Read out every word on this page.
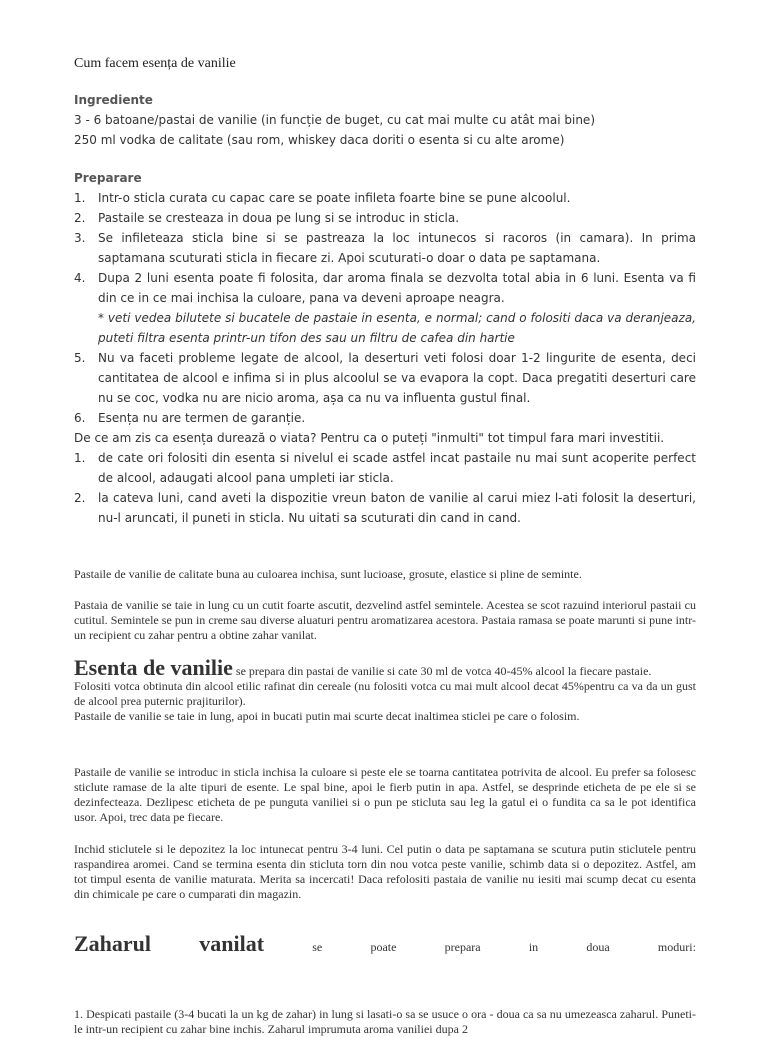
Cum facem esența de vanilie
Ingrediente
3 - 6 batoane/pastai de vanilie (in funcție de buget, cu cat mai multe cu atât mai bine)
250 ml vodka de calitate (sau rom, whiskey daca doriti o esenta si cu alte arome)
Preparare
1. Intr-o sticla curata cu capac care se poate infileta foarte bine se pune alcoolul.
2. Pastaile se cresteaza in doua pe lung si se introduc in sticla.
3. Se infileteaza sticla bine si se pastreaza la loc intunecos si racoros (in camara). In prima saptamana scuturati sticla in fiecare zi. Apoi scuturati-o doar o data pe saptamana.
4. Dupa 2 luni esenta poate fi folosita, dar aroma finala se dezvolta total abia in 6 luni. Esenta va fi din ce in ce mai inchisa la culoare, pana va deveni aproape neagra.
* veti vedea bilutete si bucatele de pastaie in esenta, e normal; cand o folositi daca va deranjeaza, puteti filtra esenta printr-un tifon des sau un filtru de cafea din hartie
5. Nu va faceti probleme legate de alcool, la deserturi veti folosi doar 1-2 lingurite de esenta, deci cantitatea de alcool e infima si in plus alcoolul se va evapora la copt. Daca pregatiti deserturi care nu se coc, vodka nu are nicio aroma, așa ca nu va influenta gustul final.
6. Esența nu are termen de garanție.
De ce am zis ca esența durează o viata? Pentru ca o puteți "inmulti" tot timpul fara mari investitii.
1. de cate ori folositi din esenta si nivelul ei scade astfel incat pastaile nu mai sunt acoperite perfect de alcool, adaugati alcool pana umpleti iar sticla.
2. la cateva luni, cand aveti la dispozitie vreun baton de vanilie al carui miez l-ati folosit la deserturi, nu-l aruncati, il puneti in sticla. Nu uitati sa scuturati din cand in cand.
Pastaile de vanilie de calitate buna au culoarea inchisa, sunt lucioase, grosute, elastice si pline de seminte.
Pastaia de vanilie se taie in lung cu un cutit foarte ascutit, dezvelind astfel semintele. Acestea se scot razuind interiorul pastaii cu cutitul. Semintele se pun in creme sau diverse aluaturi pentru aromatizarea acestora. Pastaia ramasa se poate marunti si pune intr-un recipient cu zahar pentru a obtine zahar vanilat.
Esenta de vanilie se prepara din pastai de vanilie si cate 30 ml de votca 40-45% alcool la fiecare pastaie.
Folositi votca obtinuta din alcool etilic rafinat din cereale (nu folositi votca cu mai mult alcool decat 45%pentru ca va da un gust de alcool prea puternic prajiturilor).
Pastaile de vanilie se taie in lung, apoi in bucati putin mai scurte decat inaltimea sticlei pe care o folosim.
Pastaile de vanilie se introduc in sticla inchisa la culoare si peste ele se toarna cantitatea potrivita de alcool. Eu prefer sa folosesc sticlute ramase de la alte tipuri de esente. Le spal bine, apoi le fierb putin in apa. Astfel, se desprinde eticheta de pe ele si se dezinfecteaza. Dezlipesc eticheta de pe punguta vaniliei si o pun pe sticluta sau leg la gatul ei o fundita ca sa le pot identifica usor. Apoi, trec data pe fiecare.
Inchid sticlutele si le depozitez la loc intunecat pentru 3-4 luni. Cel putin o data pe saptamana se scutura putin sticlutele pentru raspandirea aromei. Cand se termina esenta din sticluta torn din nou votca peste vanilie, schimb data si o depozitez. Astfel, am tot timpul esenta de vanilie maturata. Merita sa incercati! Daca refolositi pastaia de vanilie nu iesiti mai scump decat cu esenta din chimicale pe care o cumparati din magazin.
Zaharul vanilat	se	poate	prepara	in	doua	moduri:
1. Despicati pastaile (3-4 bucati la un kg de zahar) in lung si lasati-o sa se usuce o ora - doua ca sa nu umezeasca zaharul. Puneti-le intr-un recipient cu zahar bine inchis. Zaharul imprumuta aroma vaniliei dupa 2
